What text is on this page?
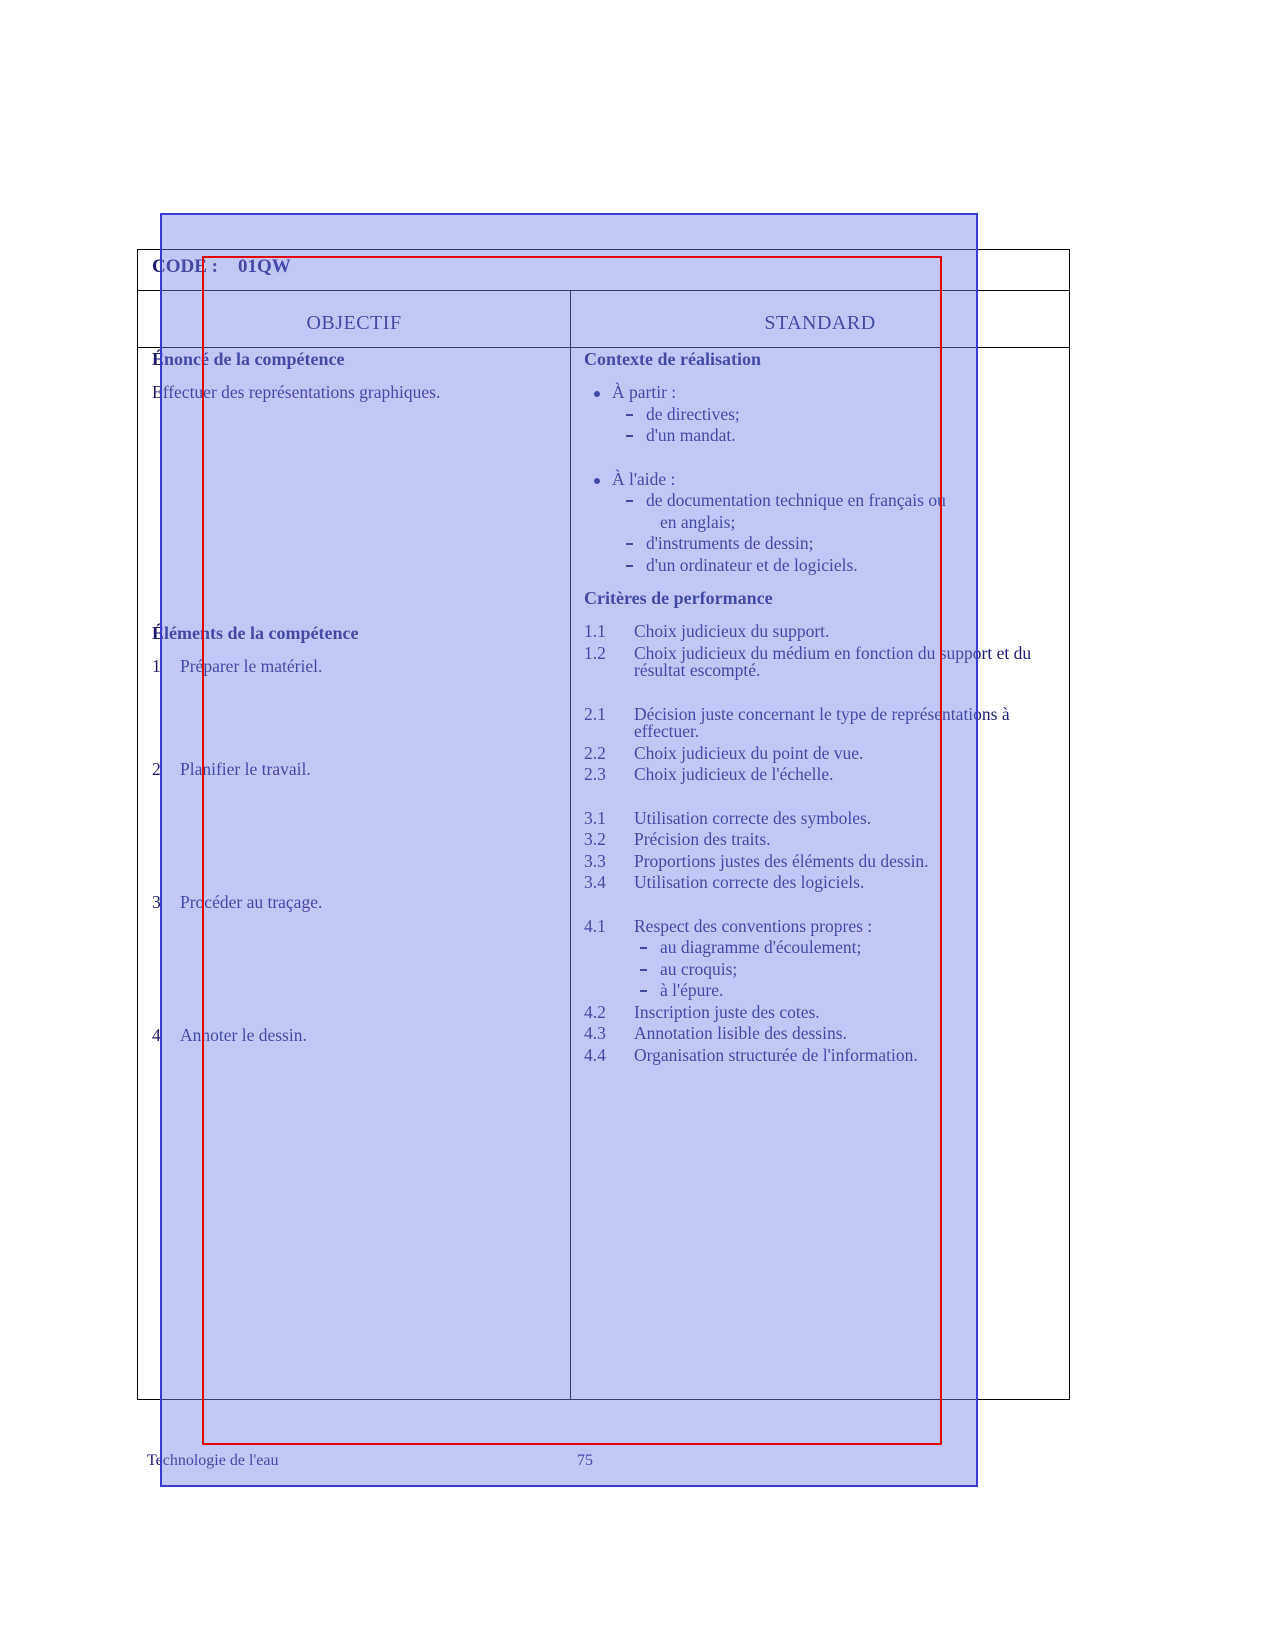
CODE : 01QW
OBJECTIF	STANDARD
Énoncé de la compétence
Effectuer des représentations graphiques.
Éléments de la compétence
1	Préparer le matériel.
2	Planifier le travail.
3	Procéder au traçage.
4	Annoter le dessin.
Contexte de réalisation
À partir :
de directives;
d'un mandat.
À l'aide :
de documentation technique en français ou
en anglais;
d'instruments de dessin;
d'un ordinateur et de logiciels.
Critères de performance
1.1	Choix judicieux du support.
1.2	Choix judicieux du médium en fonction du support et du résultat escompté.
2.1	Décision juste concernant le type de représentations à effectuer.
2.2	Choix judicieux du point de vue.
2.3	Choix judicieux de l'échelle.
3.1	Utilisation correcte des symboles.
3.2	Précision des traits.
3.3	Proportions justes des éléments du dessin.
3.4	Utilisation correcte des logiciels.
4.1	Respect des conventions propres :
au diagramme d'écoulement;
au croquis;
à l'épure.
4.2	Inscription juste des cotes.
4.3	Annotation lisible des dessins.
4.4	Organisation structurée de l'information.
Technologie de l'eau	75
